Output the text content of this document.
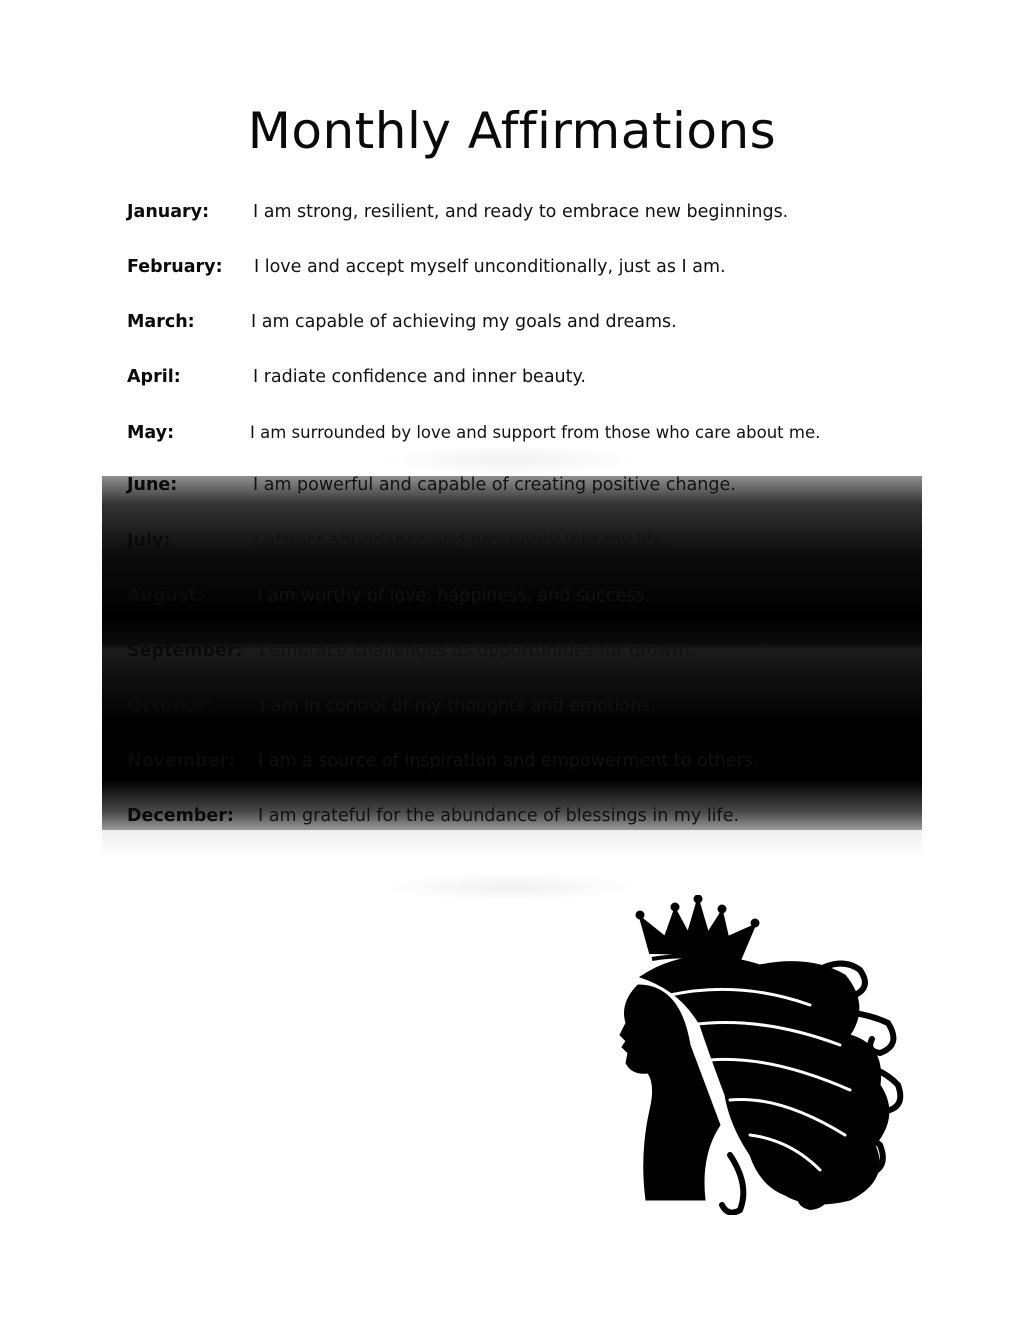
Monthly Affirmations
January:	I am strong, resilient, and ready to embrace new beginnings.
February: I love and accept myself unconditionally, just as I am.
March:	I am capable of achieving my goals and dreams.
April:	I radiate confidence and inner beauty.
May:	I am surrounded by love and support from those who care about me.
June:	I am powerful and capable of creating positive change.
July:	I attract abundance and prosperity into my life.
August:	I am worthy of love, happiness, and success.
September: I embrace challenges as opportunities for growth.
October:	I am in control of my thoughts and emotions.
November: I am a source of inspiration and empowerment to others.
December: I am grateful for the abundance of blessings in my life.
